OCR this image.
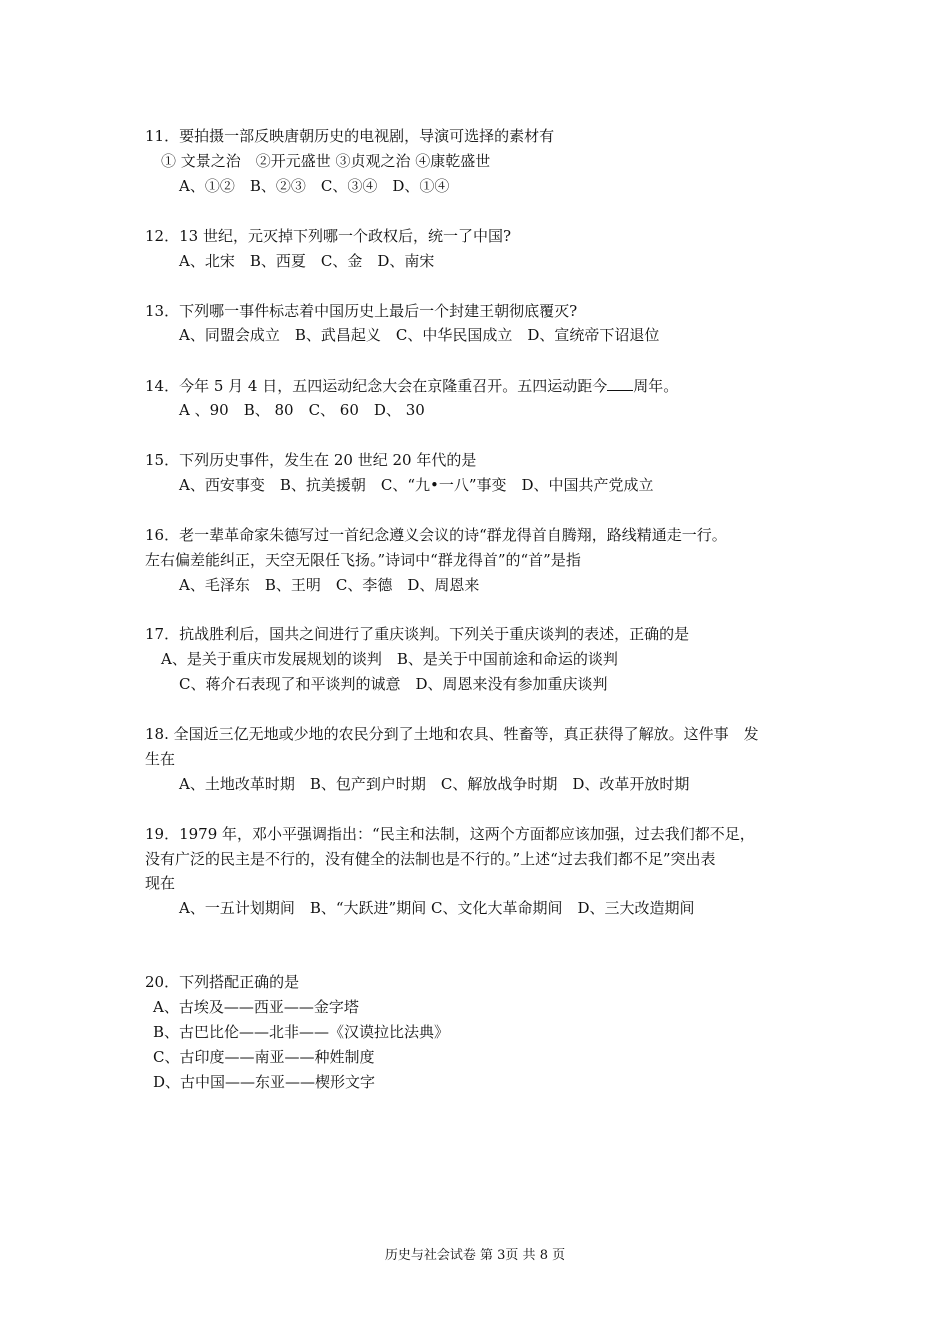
11．要拍摄一部反映唐朝历史的电视剧，导演可选择的素材有
① 文景之治　②开元盛世 ③贞观之治 ④康乾盛世
A、①②　B、②③　C、③④　D、①④
12．13 世纪，元灭掉下列哪一个政权后，统一了中国?
A、北宋　B、西夏　C、金　D、南宋
13．下列哪一事件标志着中国历史上最后一个封建王朝彻底覆灭?
A、同盟会成立　B、武昌起义　C、中华民国成立　D、宣统帝下诏退位
14．今年 5 月 4 日，五四运动纪念大会在京隆重召开。五四运动距今 周年。
A 、90　B、 80　C、 60　D、 30
15．下列历史事件，发生在 20 世纪 20 年代的是
A、西安事变　B、抗美援朝　C、“九•一八”事变　D、中国共产党成立
16．老一辈革命家朱德写过一首纪念遵义会议的诗“群龙得首自腾翔，路线精通走一行。
左右偏差能纠正，天空无限任飞扬。”诗词中“群龙得首”的“首”是指
A、毛泽东　B、王明　C、李德　D、周恩来
17．抗战胜利后，国共之间进行了重庆谈判。下列关于重庆谈判的表述，正确的是
A、是关于重庆市发展规划的谈判　B、是关于中国前途和命运的谈判
C、蒋介石表现了和平谈判的诚意　D、周恩来没有参加重庆谈判
18. 全国近三亿无地或少地的农民分到了土地和农具、牲畜等，真正获得了解放。这件事　发
生在
A、土地改革时期　B、包产到户时期　C、解放战争时期　D、改革开放时期
19．1979 年，邓小平强调指出：“民主和法制，这两个方面都应该加强，过去我们都不足，
没有广泛的民主是不行的，没有健全的法制也是不行的。”上述“过去我们都不足”突出表
现在
A、一五计划期间　B、“大跃进”期间 C、文化大革命期间　D、三大改造期间
20．下列搭配正确的是
A、古埃及——西亚——金字塔
B、古巴比伦——北非——《汉谟拉比法典》
C、古印度——南亚——种姓制度
D、古中国——东亚——楔形文字
历史与社会试卷 第 3页 共 8 页
